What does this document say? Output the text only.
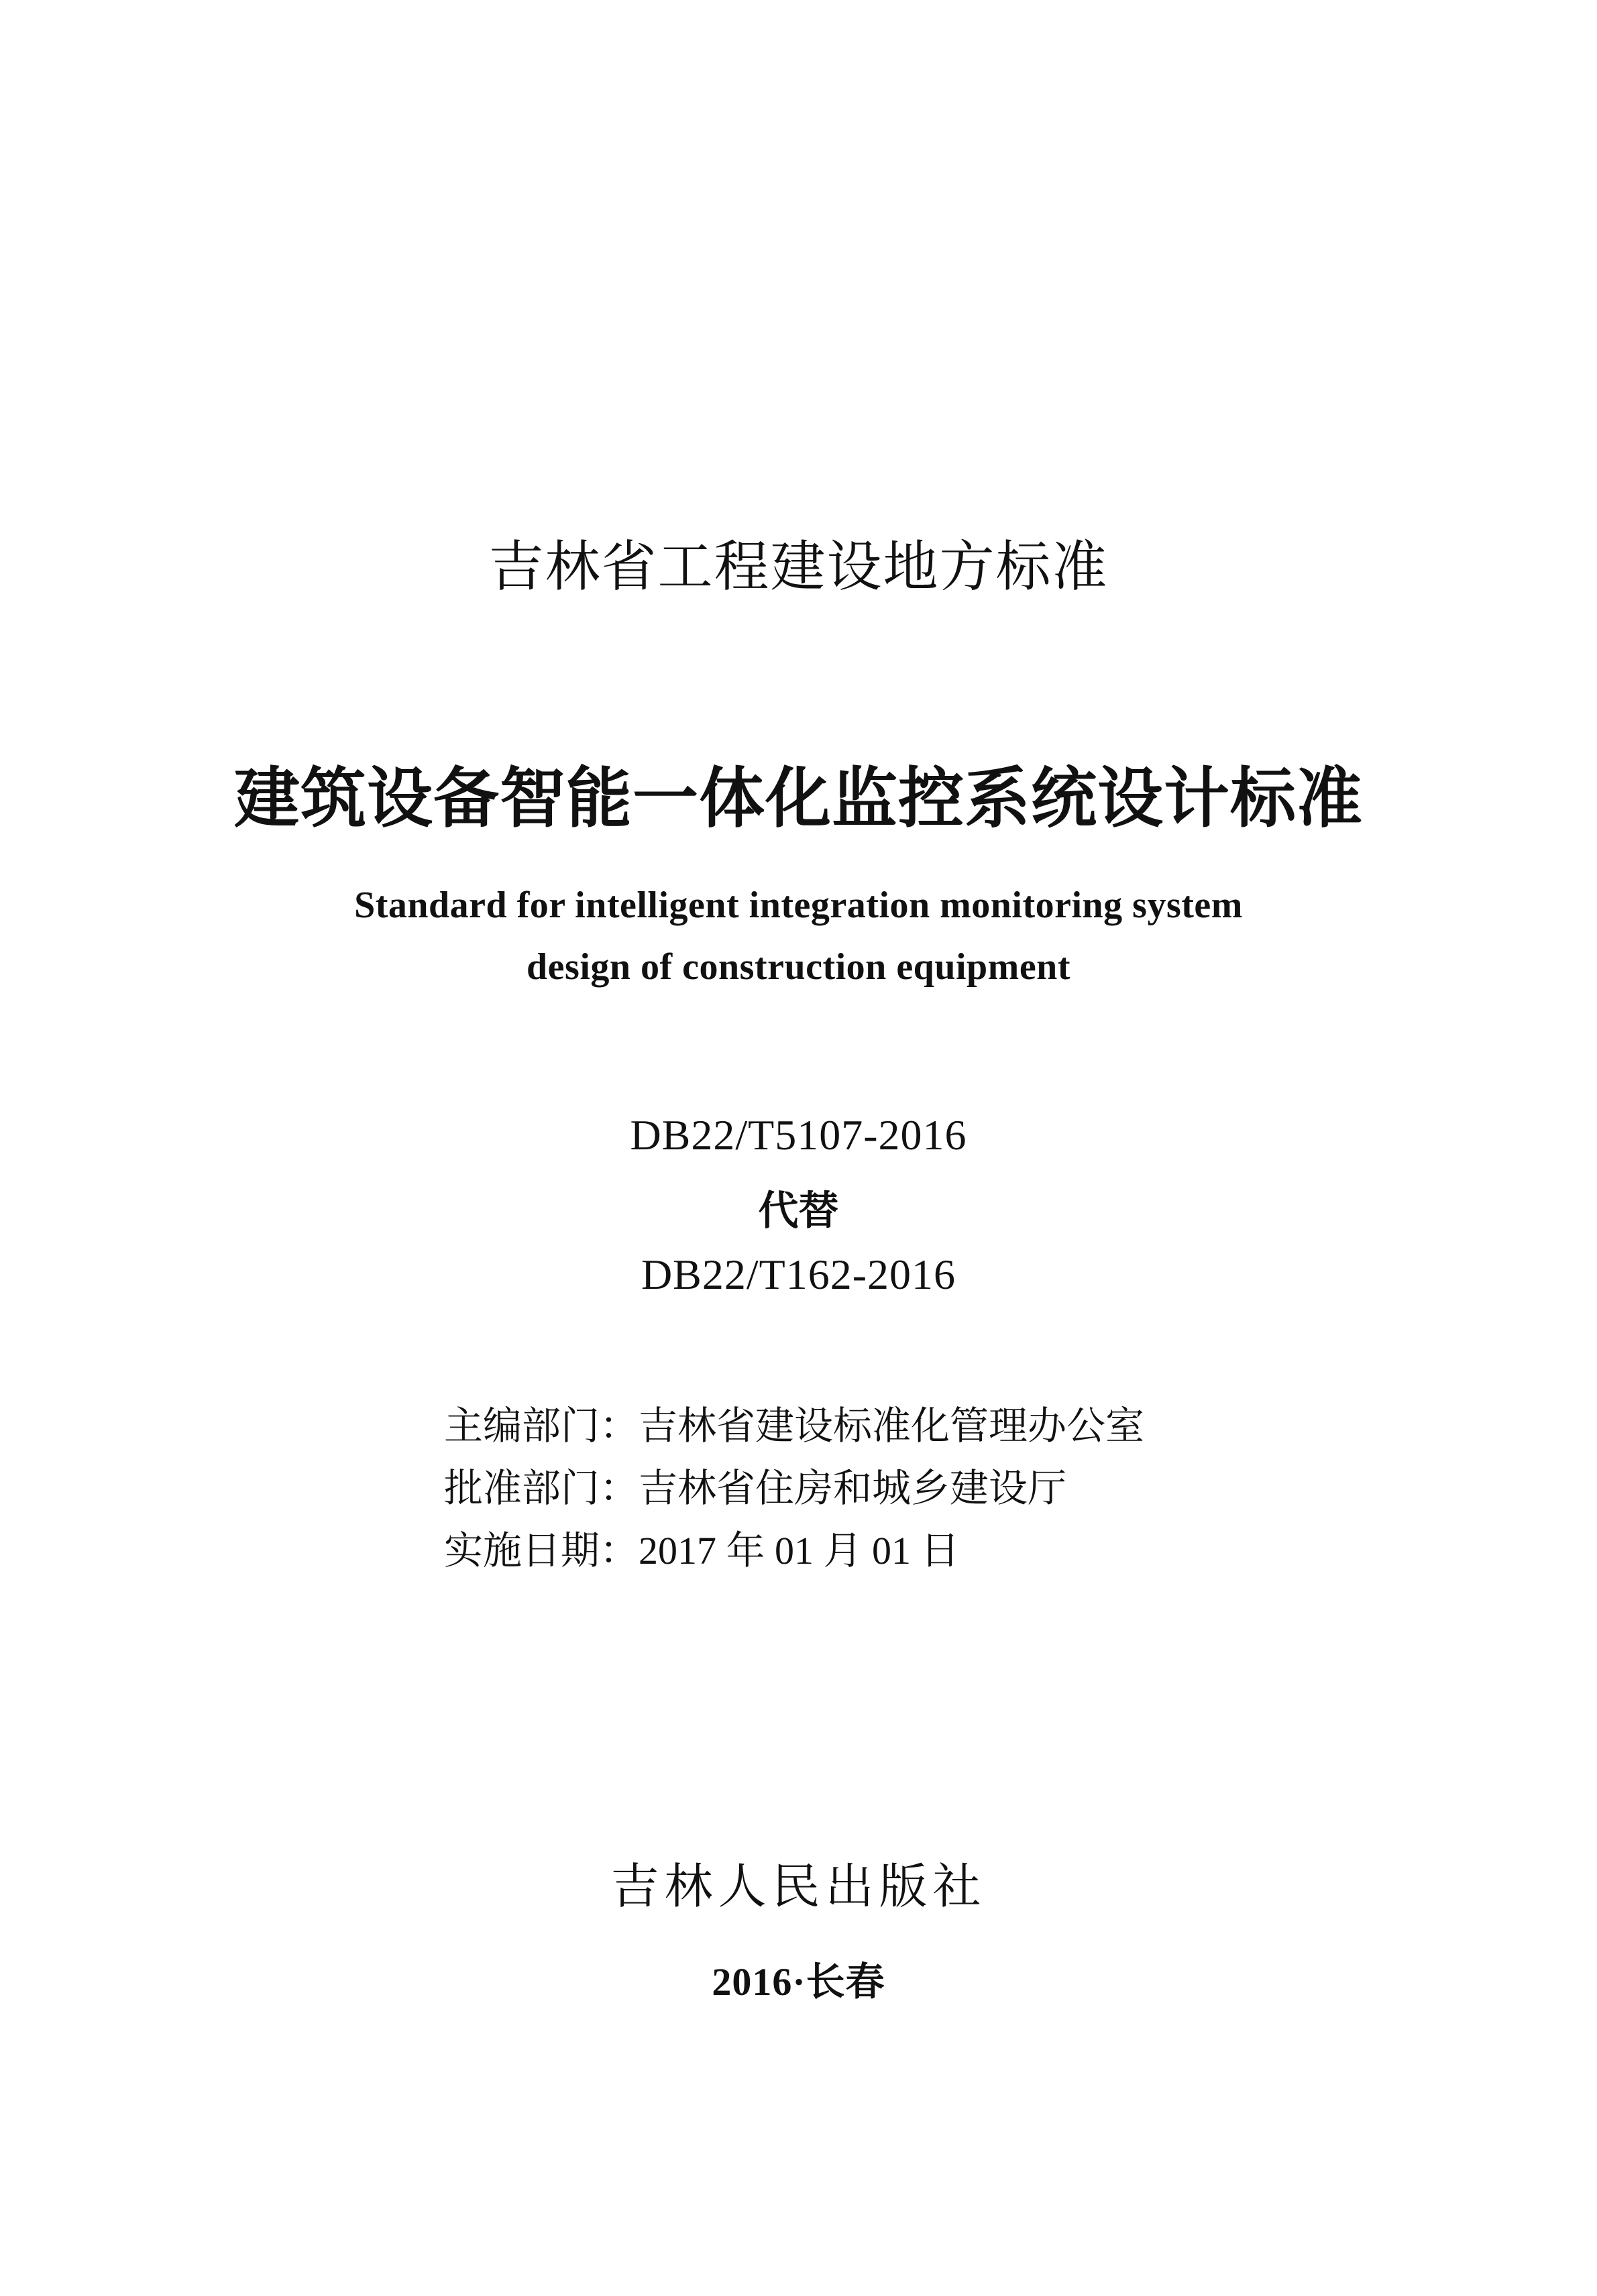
吉林省工程建设地方标准
建筑设备智能一体化监控系统设计标准
Standard for intelligent integration monitoring system
design of construction equipment
DB22/T5107-2016
代替
DB22/T162-2016
主编部门：吉林省建设标准化管理办公室
批准部门：吉林省住房和城乡建设厅
实施日期：2017 年 01 月 01 日
吉林人民出版社
2016·长春
